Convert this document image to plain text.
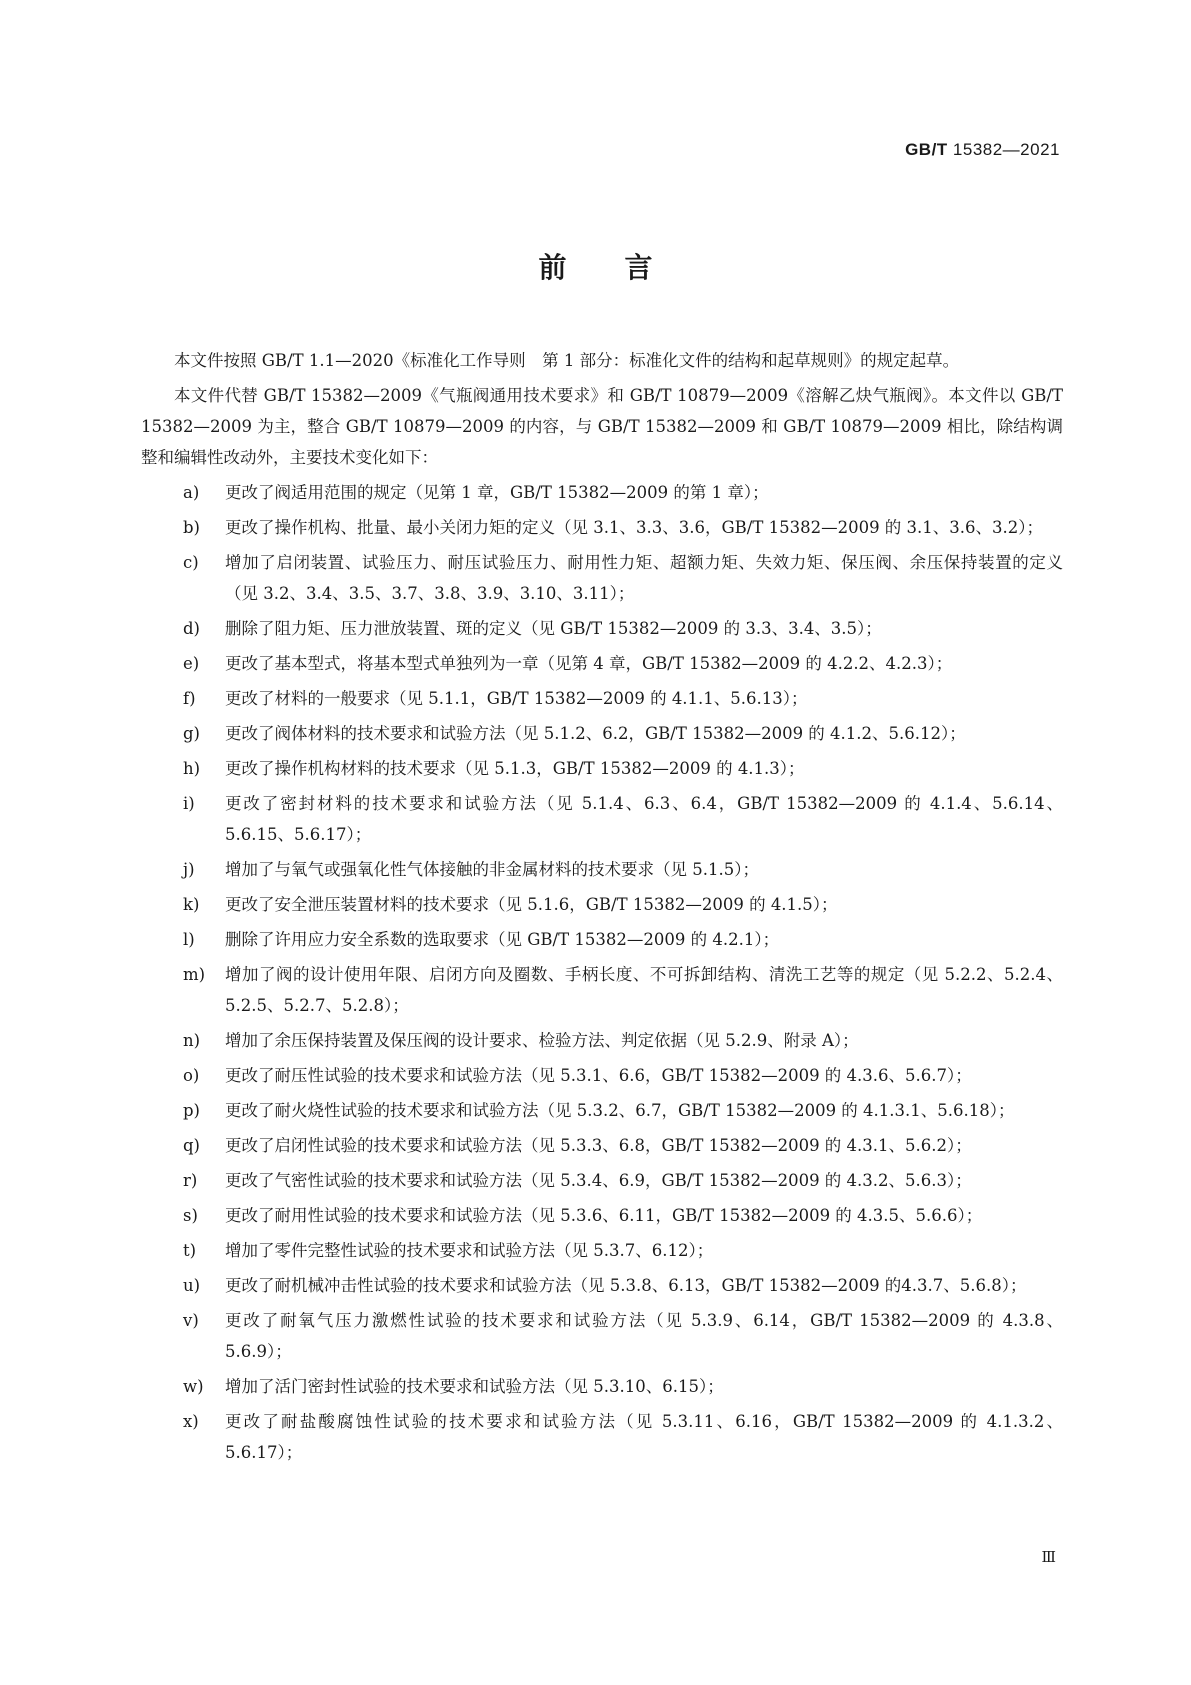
GB/T 15382—2021
前言

本文件按照 GB/T 1.1—2020《标准化工作导则　第 1 部分：标准化文件的结构和起草规则》的规定起草。

本文件代替 GB/T 15382—2009《气瓶阀通用技术要求》和 GB/T 10879—2009《溶解乙炔气瓶阀》。本文件以 GB/T 15382—2009 为主，整合 GB/T 10879—2009 的内容，与 GB/T 15382—2009 和 GB/T 10879—2009 相比，除结构调整和编辑性改动外，主要技术变化如下：

a)	更改了阀适用范围的规定（见第 1 章，GB/T 15382—2009 的第 1 章）；
b)	更改了操作机构、批量、最小关闭力矩的定义（见 3.1、3.3、3.6，GB/T 15382—2009 的 3.1、3.6、3.2）；
c)	增加了启闭装置、试验压力、耐压试验压力、耐用性力矩、超额力矩、失效力矩、保压阀、余压保持装置的定义（见 3.2、3.4、3.5、3.7、3.8、3.9、3.10、3.11）；
d)	删除了阻力矩、压力泄放装置、斑的定义（见 GB/T 15382—2009 的 3.3、3.4、3.5）；
e)	更改了基本型式，将基本型式单独列为一章（见第 4 章，GB/T 15382—2009 的 4.2.2、4.2.3）；
f)	更改了材料的一般要求（见 5.1.1，GB/T 15382—2009 的 4.1.1、5.6.13）；
g)	更改了阀体材料的技术要求和试验方法（见 5.1.2、6.2，GB/T 15382—2009 的 4.1.2、5.6.12）；
h)	更改了操作机构材料的技术要求（见 5.1.3，GB/T 15382—2009 的 4.1.3）；
i)	更改了密封材料的技术要求和试验方法（见 5.1.4、6.3、6.4，GB/T 15382—2009 的 4.1.4、5.6.14、5.6.15、5.6.17）；
j)	增加了与氧气或强氧化性气体接触的非金属材料的技术要求（见 5.1.5）；
k)	更改了安全泄压装置材料的技术要求（见 5.1.6，GB/T 15382—2009 的 4.1.5）；
l)	删除了许用应力安全系数的选取要求（见 GB/T 15382—2009 的 4.2.1）；
m)	增加了阀的设计使用年限、启闭方向及圈数、手柄长度、不可拆卸结构、清洗工艺等的规定（见 5.2.2、5.2.4、5.2.5、5.2.7、5.2.8）；
n)	增加了余压保持装置及保压阀的设计要求、检验方法、判定依据（见 5.2.9、附录 A）；
o)	更改了耐压性试验的技术要求和试验方法（见 5.3.1、6.6，GB/T 15382—2009 的 4.3.6、5.6.7）；
p)	更改了耐火烧性试验的技术要求和试验方法（见 5.3.2、6.7，GB/T 15382—2009 的 4.1.3.1、5.6.18）；
q)	更改了启闭性试验的技术要求和试验方法（见 5.3.3、6.8，GB/T 15382—2009 的 4.3.1、5.6.2）；
r)	更改了气密性试验的技术要求和试验方法（见 5.3.4、6.9，GB/T 15382—2009 的 4.3.2、5.6.3）；
s)	更改了耐用性试验的技术要求和试验方法（见 5.3.6、6.11，GB/T 15382—2009 的 4.3.5、5.6.6）；
t)	增加了零件完整性试验的技术要求和试验方法（见 5.3.7、6.12）；
u)	更改了耐机械冲击性试验的技术要求和试验方法（见 5.3.8、6.13，GB/T 15382—2009 的4.3.7、5.6.8）；
v)	更改了耐氧气压力激燃性试验的技术要求和试验方法（见 5.3.9、6.14，GB/T 15382—2009 的 4.3.8、5.6.9）；
w)	增加了活门密封性试验的技术要求和试验方法（见 5.3.10、6.15）；
x)	更改了耐盐酸腐蚀性试验的技术要求和试验方法（见 5.3.11、6.16，GB/T 15382—2009 的 4.1.3.2、5.6.17）；
Ⅲ
